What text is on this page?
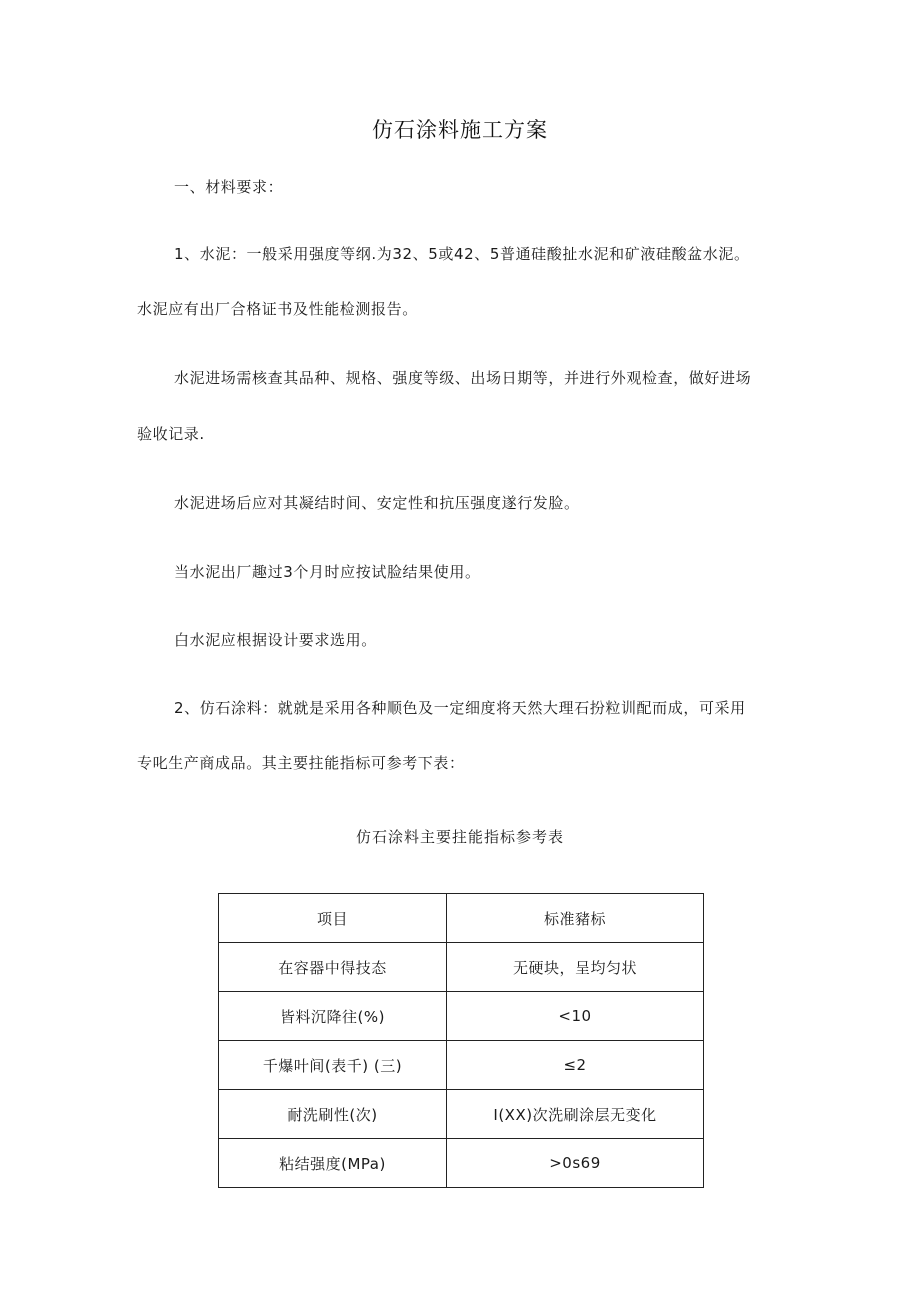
仿石涂料施工方案
一、材料要求：
1、水泥：一般采用强度等纲.为32、5或42、5普通硅酸扯水泥和矿液硅酸盆水泥。
水泥应有出厂合格证书及性能检测报告。
水泥进场需核查其品种、规格、强度等级、出场日期等，并进行外观检查，做好进场
验收记录.
水泥进场后应对其凝结时间、安定性和抗压强度遂行发脸。
当水泥出厂趣过3个月时应按试脸结果使用。
白水泥应根据设计要求选用。
2、仿石涂料：就就是采用各种顺色及一定细度将天然大理石扮粒训配而成，可采用
专叱生产商成品。其主要拄能指标可参考下表：
仿石涂料主要拄能指标参考表
项目	标准豬标
在容器中得技态	无硬块，呈均匀状
皆料沉降往(%)	<10
千爆叶间(表千) (三)	≤2
耐洗刷性(次)	I(XX)次洗刷涂层无变化
粘结强度(MPa)	>0s69
